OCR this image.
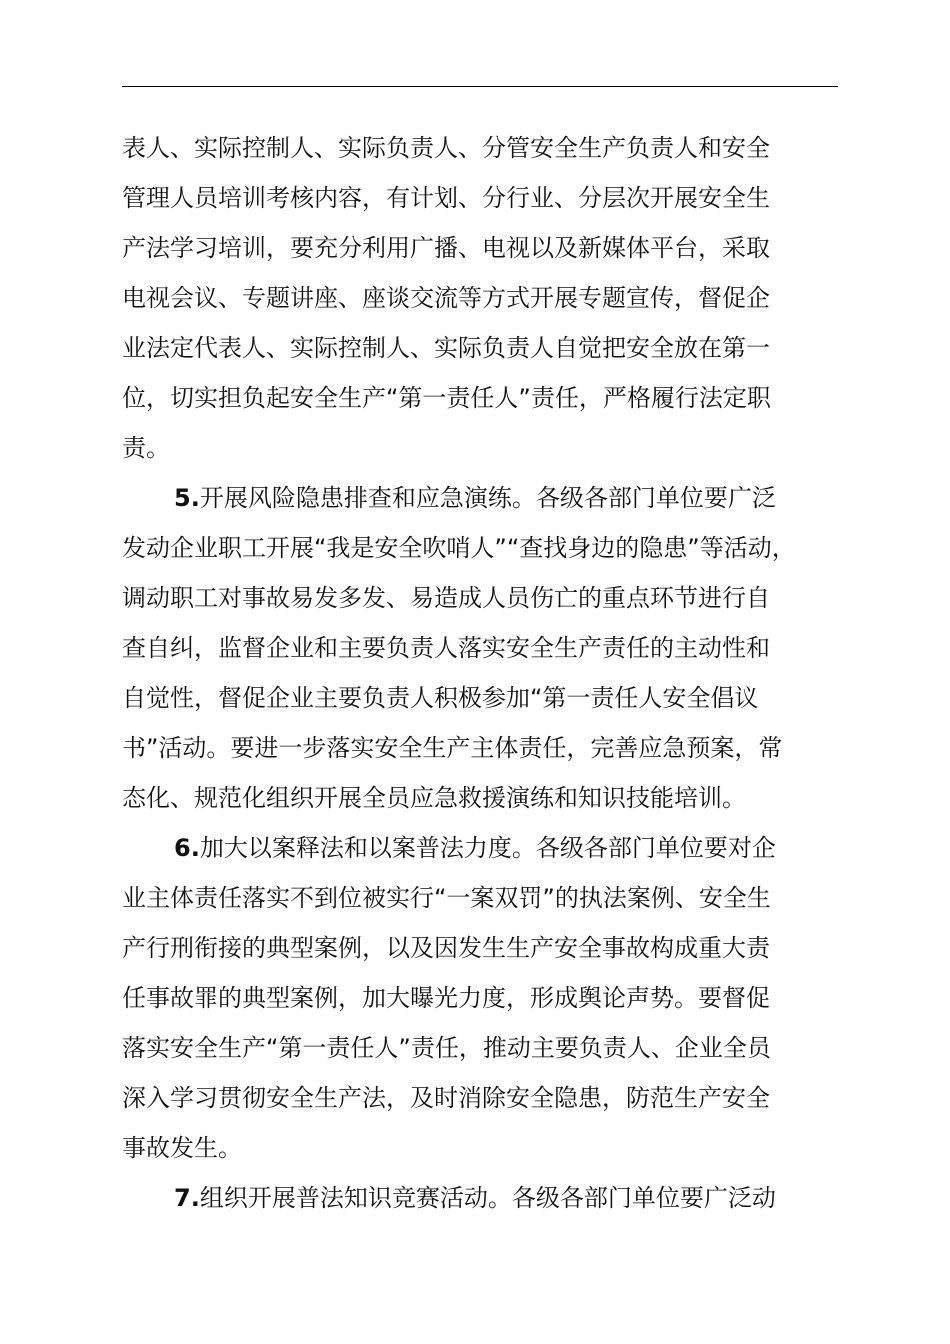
表人、实际控制人、实际负责人、分管安全生产负责人和安全
管理人员培训考核内容，有计划、分行业、分层次开展安全生
产法学习培训，要充分利用广播、电视以及新媒体平台，采取
电视会议、专题讲座、座谈交流等方式开展专题宣传，督促企
业法定代表人、实际控制人、实际负责人自觉把安全放在第一
位，切实担负起安全生产“第一责任人”责任，严格履行法定职
责。
5.开展风险隐患排查和应急演练。各级各部门单位要广泛
发动企业职工开展“我是安全吹哨人”“查找身边的隐患”等活动，
调动职工对事故易发多发、易造成人员伤亡的重点环节进行自
查自纠，监督企业和主要负责人落实安全生产责任的主动性和
自觉性，督促企业主要负责人积极参加“第一责任人安全倡议
书”活动。要进一步落实安全生产主体责任，完善应急预案，常
态化、规范化组织开展全员应急救援演练和知识技能培训。
6.加大以案释法和以案普法力度。各级各部门单位要对企
业主体责任落实不到位被实行“一案双罚”的执法案例、安全生
产行刑衔接的典型案例，以及因发生生产安全事故构成重大责
任事故罪的典型案例，加大曝光力度，形成舆论声势。要督促
落实安全生产“第一责任人”责任，推动主要负责人、企业全员
深入学习贯彻安全生产法，及时消除安全隐患，防范生产安全
事故发生。
7.组织开展普法知识竞赛活动。各级各部门单位要广泛动
